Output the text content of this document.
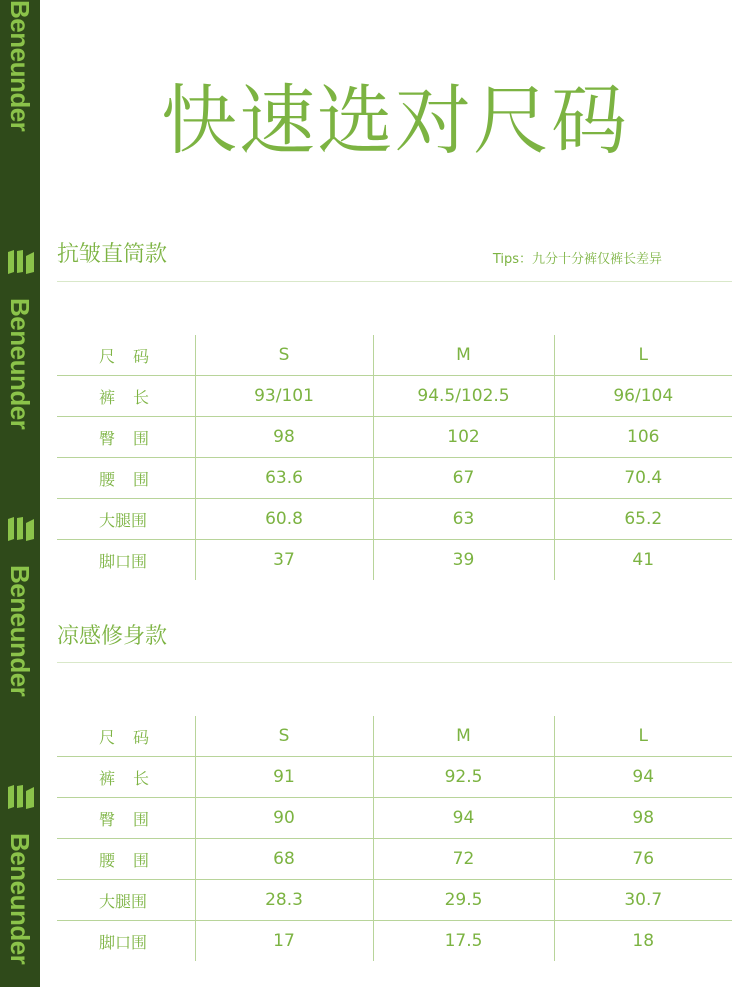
Beneunder
Beneunder
Beneunder
Beneunder
快速选对尺码
抗皱直筒款	Tips：九分十分裤仅裤长差异
尺　码	S	M	L
裤　长	93/101	94.5/102.5	96/104
臀　围	98	102	106
腰　围	63.6	67	70.4
大腿围	60.8	63	65.2
脚口围	37	39	41
凉感修身款
尺　码	S	M	L
裤　长	91	92.5	94
臀　围	90	94	98
腰　围	68	72	76
大腿围	28.3	29.5	30.7
脚口围	17	17.5	18
